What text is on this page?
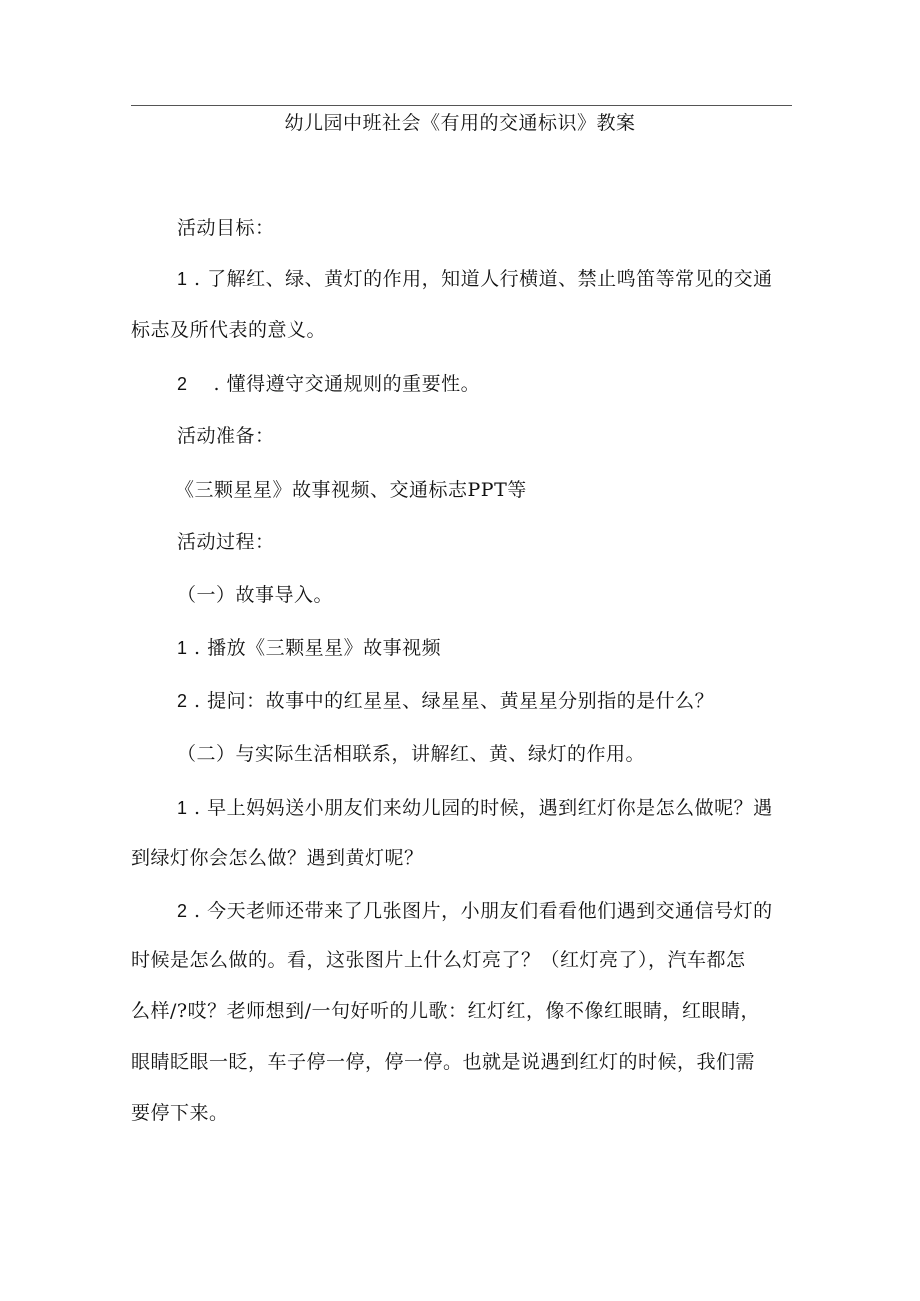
幼儿园中班社会《有用的交通标识》教案
活动目标：
1 . 了解红、绿、黄灯的作用，知道人行横道、禁止鸣笛等常见的交通
标志及所代表的意义。
2　 . 懂得遵守交通规则的重要性。
活动准备：
《三颗星星》故事视频、交通标志PPT等
活动过程：
（一）故事导入。
1 . 播放《三颗星星》故事视频
2 . 提问：故事中的红星星、绿星星、黄星星分别指的是什么？
（二）与实际生活相联系，讲解红、黄、绿灯的作用。
1 . 早上妈妈送小朋友们来幼儿园的时候，遇到红灯你是怎么做呢？遇
到绿灯你会怎么做？遇到黄灯呢？
2 . 今天老师还带来了几张图片，小朋友们看看他们遇到交通信号灯的
时候是怎么做的。看，这张图片上什么灯亮了？（红灯亮了），汽车都怎
么样/?哎？老师想到/一句好听的儿歌：红灯红，像不像红眼睛，红眼睛，
眼睛眨眼一眨，车子停一停，停一停。也就是说遇到红灯的时候，我们需
要停下来。
